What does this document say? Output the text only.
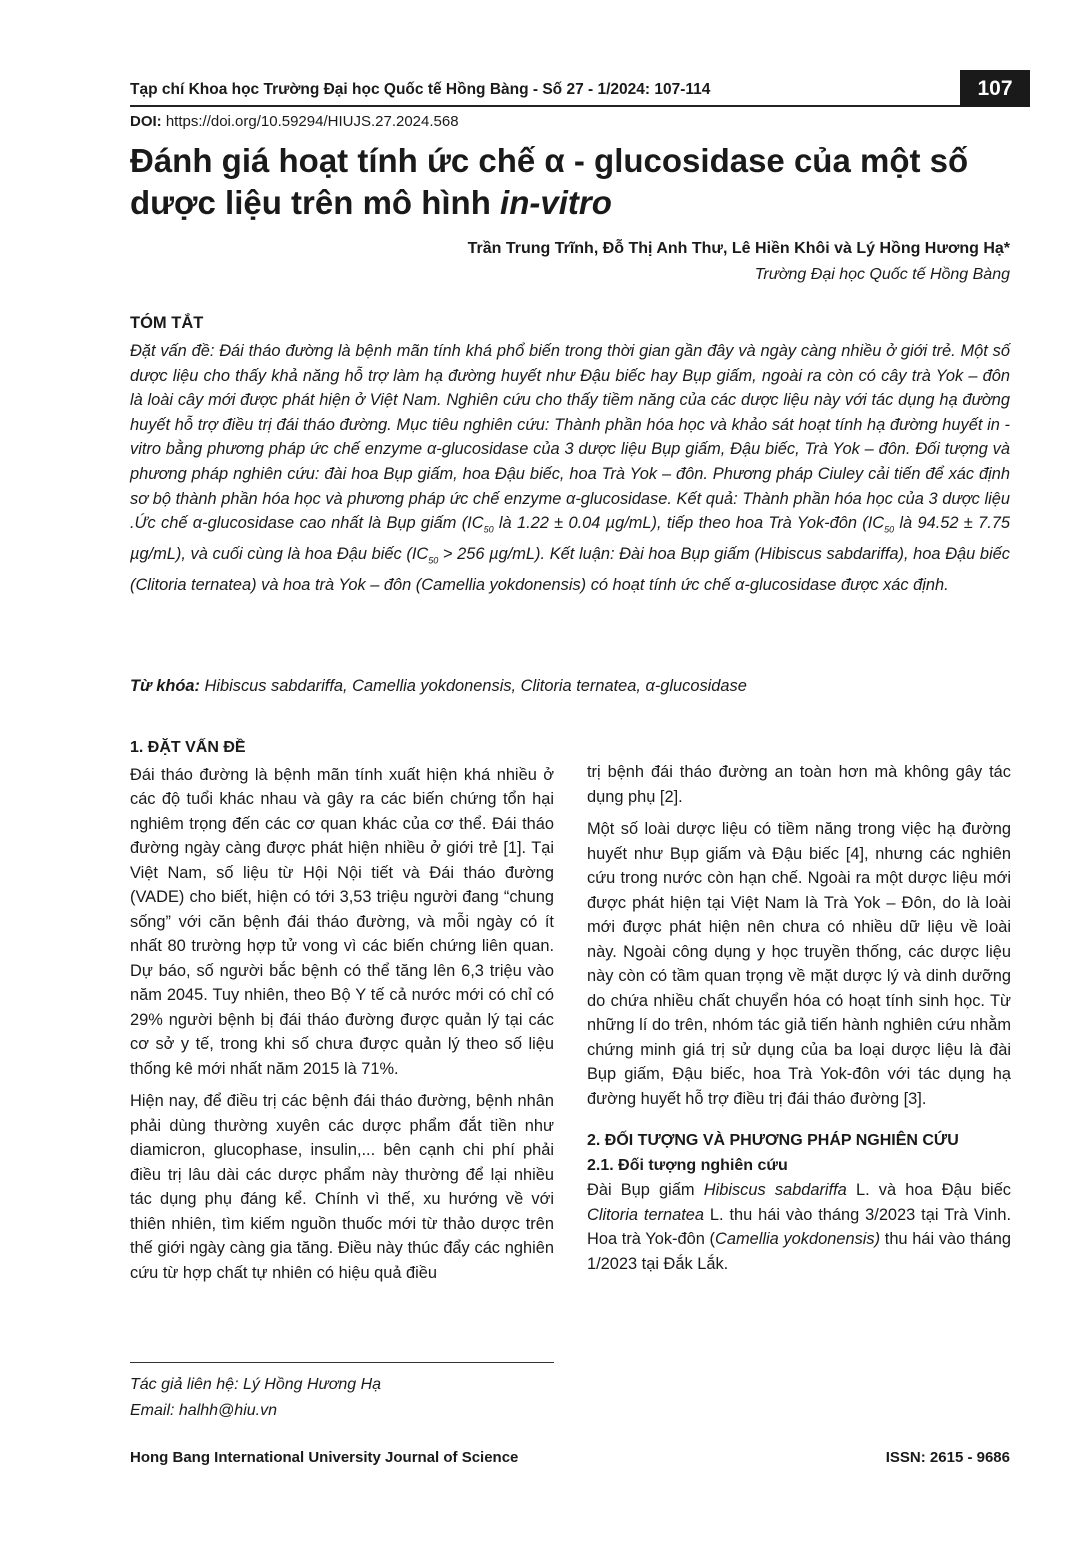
Tạp chí Khoa học Trường Đại học Quốc tế Hồng Bàng - Số 27 - 1/2024: 107-114	107
DOI: https://doi.org/10.59294/HIUJS.27.2024.568
Đánh giá hoạt tính ức chế α - glucosidase của một số dược liệu trên mô hình in-vitro
Trần Trung Trĩnh, Đỗ Thị Anh Thư, Lê Hiền Khôi và Lý Hồng Hương Hạ*
Trường Đại học Quốc tế Hồng Bàng
TÓM TẮT
Đặt vấn đề: Đái tháo đường là bệnh mãn tính khá phổ biến trong thời gian gần đây và ngày càng nhiều ở giới trẻ. Một số dược liệu cho thấy khả năng hỗ trợ làm hạ đường huyết như Đậu biếc hay Bụp giấm, ngoài ra còn có cây trà Yok – đôn là loài cây mới được phát hiện ở Việt Nam. Nghiên cứu cho thấy tiềm năng của các dược liệu này với tác dụng hạ đường huyết hỗ trợ điều trị đái tháo đường. Mục tiêu nghiên cứu: Thành phần hóa học và khảo sát hoạt tính hạ đường huyết in -vitro bằng phương pháp ức chế enzyme α-glucosidase của 3 dược liệu Bụp giấm, Đậu biếc, Trà Yok – đôn. Đối tượng và phương pháp nghiên cứu: đài hoa Bụp giấm, hoa Đậu biếc, hoa Trà Yok – đôn. Phương pháp Ciuley cải tiến để xác định sơ bộ thành phần hóa học và phương pháp ức chế enzyme α-glucosidase. Kết quả: Thành phần hóa học của 3 dược liệu .Ức chế α-glucosidase cao nhất là Bụp giấm ($IC_{50}$ là 1.22 ± 0.04 µg/mL), tiếp theo hoa Trà Yok-đôn ($IC_{50}$ là 94.52 ± 7.75 µg/mL), và cuối cùng là hoa Đậu biếc ($IC_{50} > 256$ µg/mL). Kết luận: Đài hoa Bụp giấm (Hibiscus sabdariffa), hoa Đậu biếc (Clitoria ternatea) và hoa trà Yok – đôn (Camellia yokdonensis) có hoạt tính ức chế α-glucosidase được xác định.
Từ khóa: Hibiscus sabdariffa, Camellia yokdonensis, Clitoria ternatea, α-glucosidase
1. ĐẶT VẤN ĐỀ

Đái tháo đường là bệnh mãn tính xuất hiện khá nhiều ở các độ tuổi khác nhau và gây ra các biến chứng tổn hại nghiêm trọng đến các cơ quan khác của cơ thể. Đái tháo đường ngày càng được phát hiện nhiều ở giới trẻ [1]. Tại Việt Nam, số liệu từ Hội Nội tiết và Đái tháo đường (VADE) cho biết, hiện có tới 3,53 triệu người đang “chung sống” với căn bệnh đái tháo đường, và mỗi ngày có ít nhất 80 trường hợp tử vong vì các biến chứng liên quan. Dự báo, số người bắc bệnh có thể tăng lên 6,3 triệu vào năm 2045. Tuy nhiên, theo Bộ Y tế cả nước mới có chỉ có 29% người bệnh bị đái tháo đường được quản lý tại các cơ sở y tế, trong khi số chưa được quản lý theo số liệu thống kê mới nhất năm 2015 là 71%.

Hiện nay, để điều trị các bệnh đái tháo đường, bệnh nhân phải dùng thường xuyên các dược phẩm đắt tiền như diamicron, glucophase, insulin,... bên cạnh chi phí phải điều trị lâu dài các dược phẩm này thường để lại nhiều tác dụng phụ đáng kể. Chính vì thế, xu hướng về với thiên nhiên, tìm kiếm nguồn thuốc mới từ thảo dược trên thế giới ngày càng gia tăng. Điều này thúc đẩy các nghiên cứu từ hợp chất tự nhiên có hiệu quả điều

trị bệnh đái tháo đường an toàn hơn mà không gây tác dụng phụ [2].

Một số loài dược liệu có tiềm năng trong việc hạ đường huyết như Bụp giấm và Đậu biếc [4], nhưng các nghiên cứu trong nước còn hạn chế. Ngoài ra một dược liệu mới được phát hiện tại Việt Nam là Trà Yok – Đôn, do là loài mới được phát hiện nên chưa có nhiều dữ liệu về loài này. Ngoài công dụng y học truyền thống, các dược liệu này còn có tầm quan trọng về mặt dược lý và dinh dưỡng do chứa nhiều chất chuyển hóa có hoạt tính sinh học. Từ những lí do trên, nhóm tác giả tiến hành nghiên cứu nhằm chứng minh giá trị sử dụng của ba loại dược liệu là đài Bụp giấm, Đậu biếc, hoa Trà Yok-đôn với tác dụng hạ đường huyết hỗ trợ điều trị đái tháo đường [3].

2. ĐỐI TƯỢNG VÀ PHƯƠNG PHÁP NGHIÊN CỨU
2.1. Đối tượng nghiên cứu

Đài Bụp giấm Hibiscus sabdariffa L. và hoa Đậu biếc Clitoria ternatea L. thu hái vào tháng 3/2023 tại Trà Vinh. Hoa trà Yok-đôn (Camellia yokdonensis) thu hái vào tháng 1/2023 tại Đắk Lắk.

Tác giả liên hệ: Lý Hồng Hương Hạ
Email: halhh@hiu.vn
Hong Bang International University Journal of Science	ISSN: 2615 - 9686
